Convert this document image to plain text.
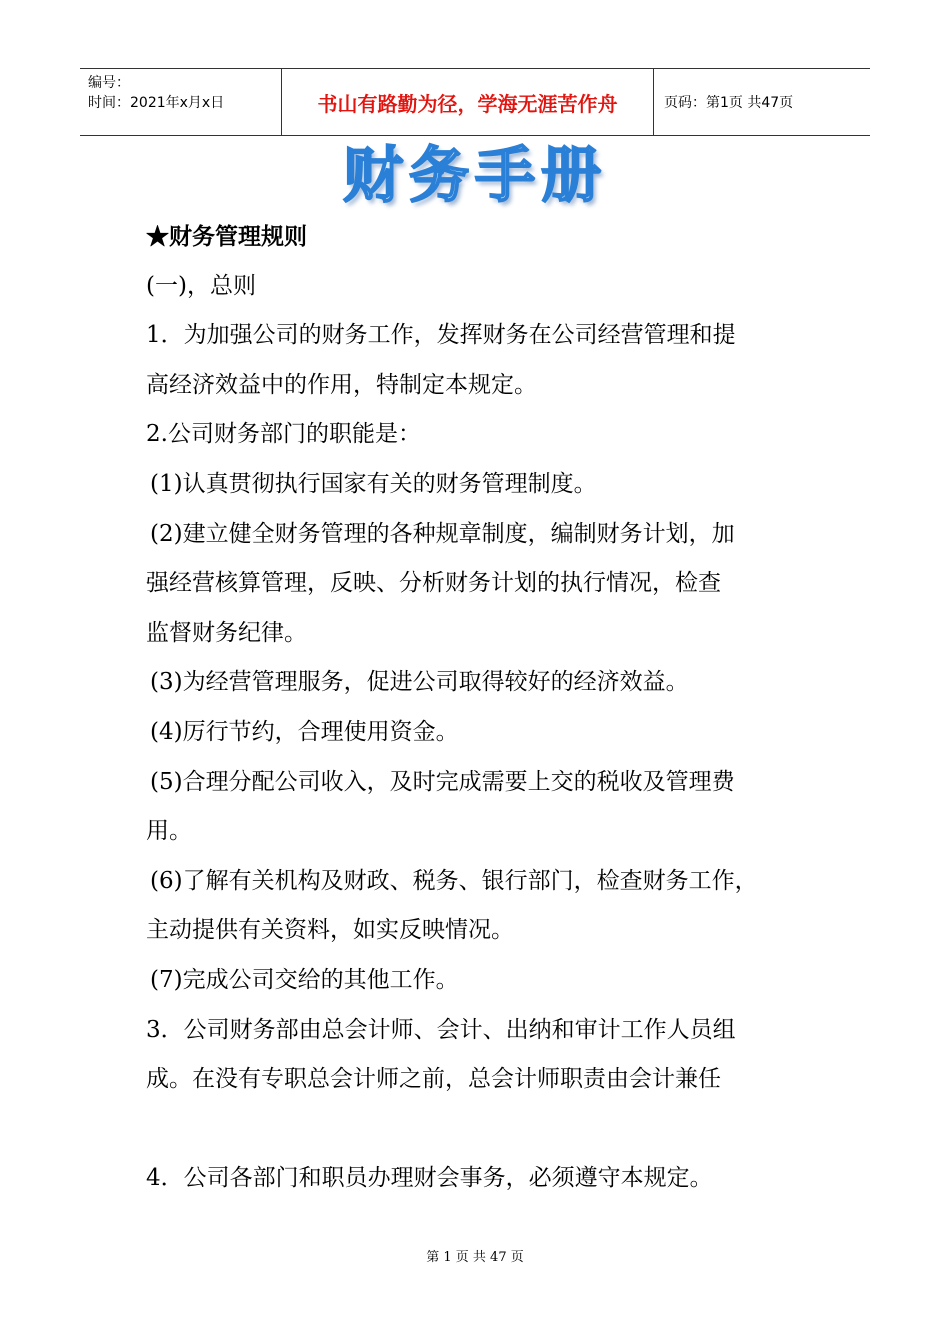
编号：
时间：2021年x月x日	书山有路勤为径，学海无涯苦作舟	页码：第1页 共47页
财务手册

★财务管理规则

(一)，总则

1．为加强公司的财务工作，发挥财务在公司经营管理和提

高经济效益中的作用，特制定本规定。

2.公司财务部门的职能是：

(1)认真贯彻执行国家有关的财务管理制度。

(2)建立健全财务管理的各种规章制度，编制财务计划，加

强经营核算管理，反映、分析财务计划的执行情况，检查

监督财务纪律。

(3)为经营管理服务，促进公司取得较好的经济效益。

(4)厉行节约，合理使用资金。

(5)合理分配公司收入，及时完成需要上交的税收及管理费

用。

(6)了解有关机构及财政、税务、银行部门，检查财务工作，

主动提供有关资料，如实反映情况。

(7)完成公司交给的其他工作。

3．公司财务部由总会计师、会计、出纳和审计工作人员组

成。在没有专职总会计师之前，总会计师职责由会计兼任

4．公司各部门和职员办理财会事务，必须遵守本规定。

第 1 页 共 47 页
